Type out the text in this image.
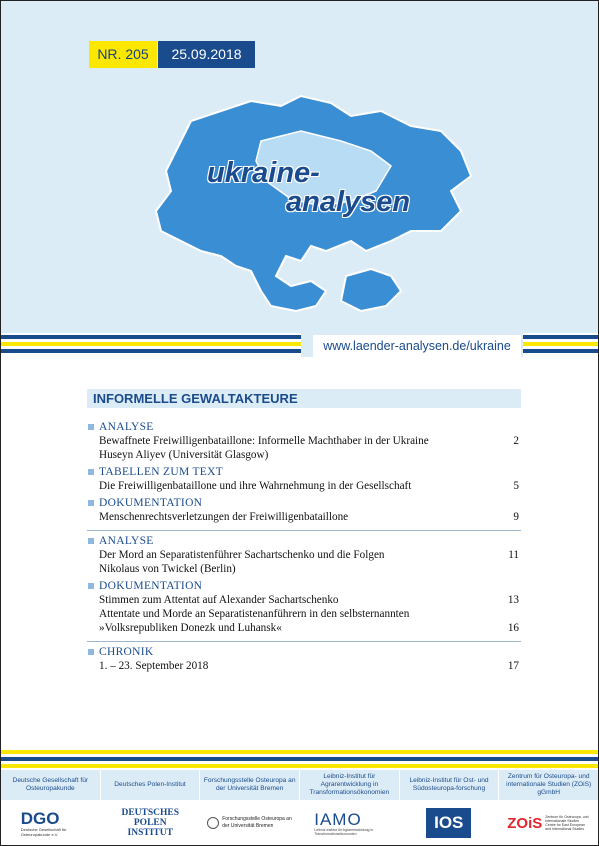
NR. 205	25.09.2018
ukraine-
analysen
www.laender-analysen.de/ukraine
INFORMELLE GEWALTAKTEURE
ANALYSE
Bewaffnete Freiwilligenbataillone: Informelle Machthaber in der Ukraine	2
Huseyn Aliyev (Universität Glasgow)
TABELLEN ZUM TEXT
Die Freiwilligenbataillone und ihre Wahrnehmung in der Gesellschaft	5
DOKUMENTATION
Menschenrechtsverletzungen der Freiwilligenbataillone	9
ANALYSE
Der Mord an Separatistenführer Sachartschenko und die Folgen	11
Nikolaus von Twickel (Berlin)
DOKUMENTATION
Stimmen zum Attentat auf Alexander Sachartschenko	13
Attentate und Morde an Separatistenanführern in den selbsternannten
»Volksrepubliken Donezk und Luhansk«	16
CHRONIK
1. – 23. September 2018	17
Deutsche Gesellschaft für Osteuropakunde
Deutsches Polen-Institut
Forschungsstelle Osteuropa an der Universität Bremen
Leibniz-Institut für Agrarentwicklung in Transformationsökonomien
Leibniz-Institut für Ost- und Südosteuropa-forschung
Zentrum für Osteuropa- und internationale Studien (ZOiS) gGmbH
DGO
Deutsche Gesellschaft für Osteuropakunde e.V.
DEUTSCHES POLEN INSTITUT
Forschungsstelle Osteuropa an der Universität Bremen	IAMO
Leibniz-Institut für Agrarentwicklung in Transformationsökonomien
IOS	ZOiS Zentrum für Osteuropa- und internationale Studien Centre for East European and International Studies
